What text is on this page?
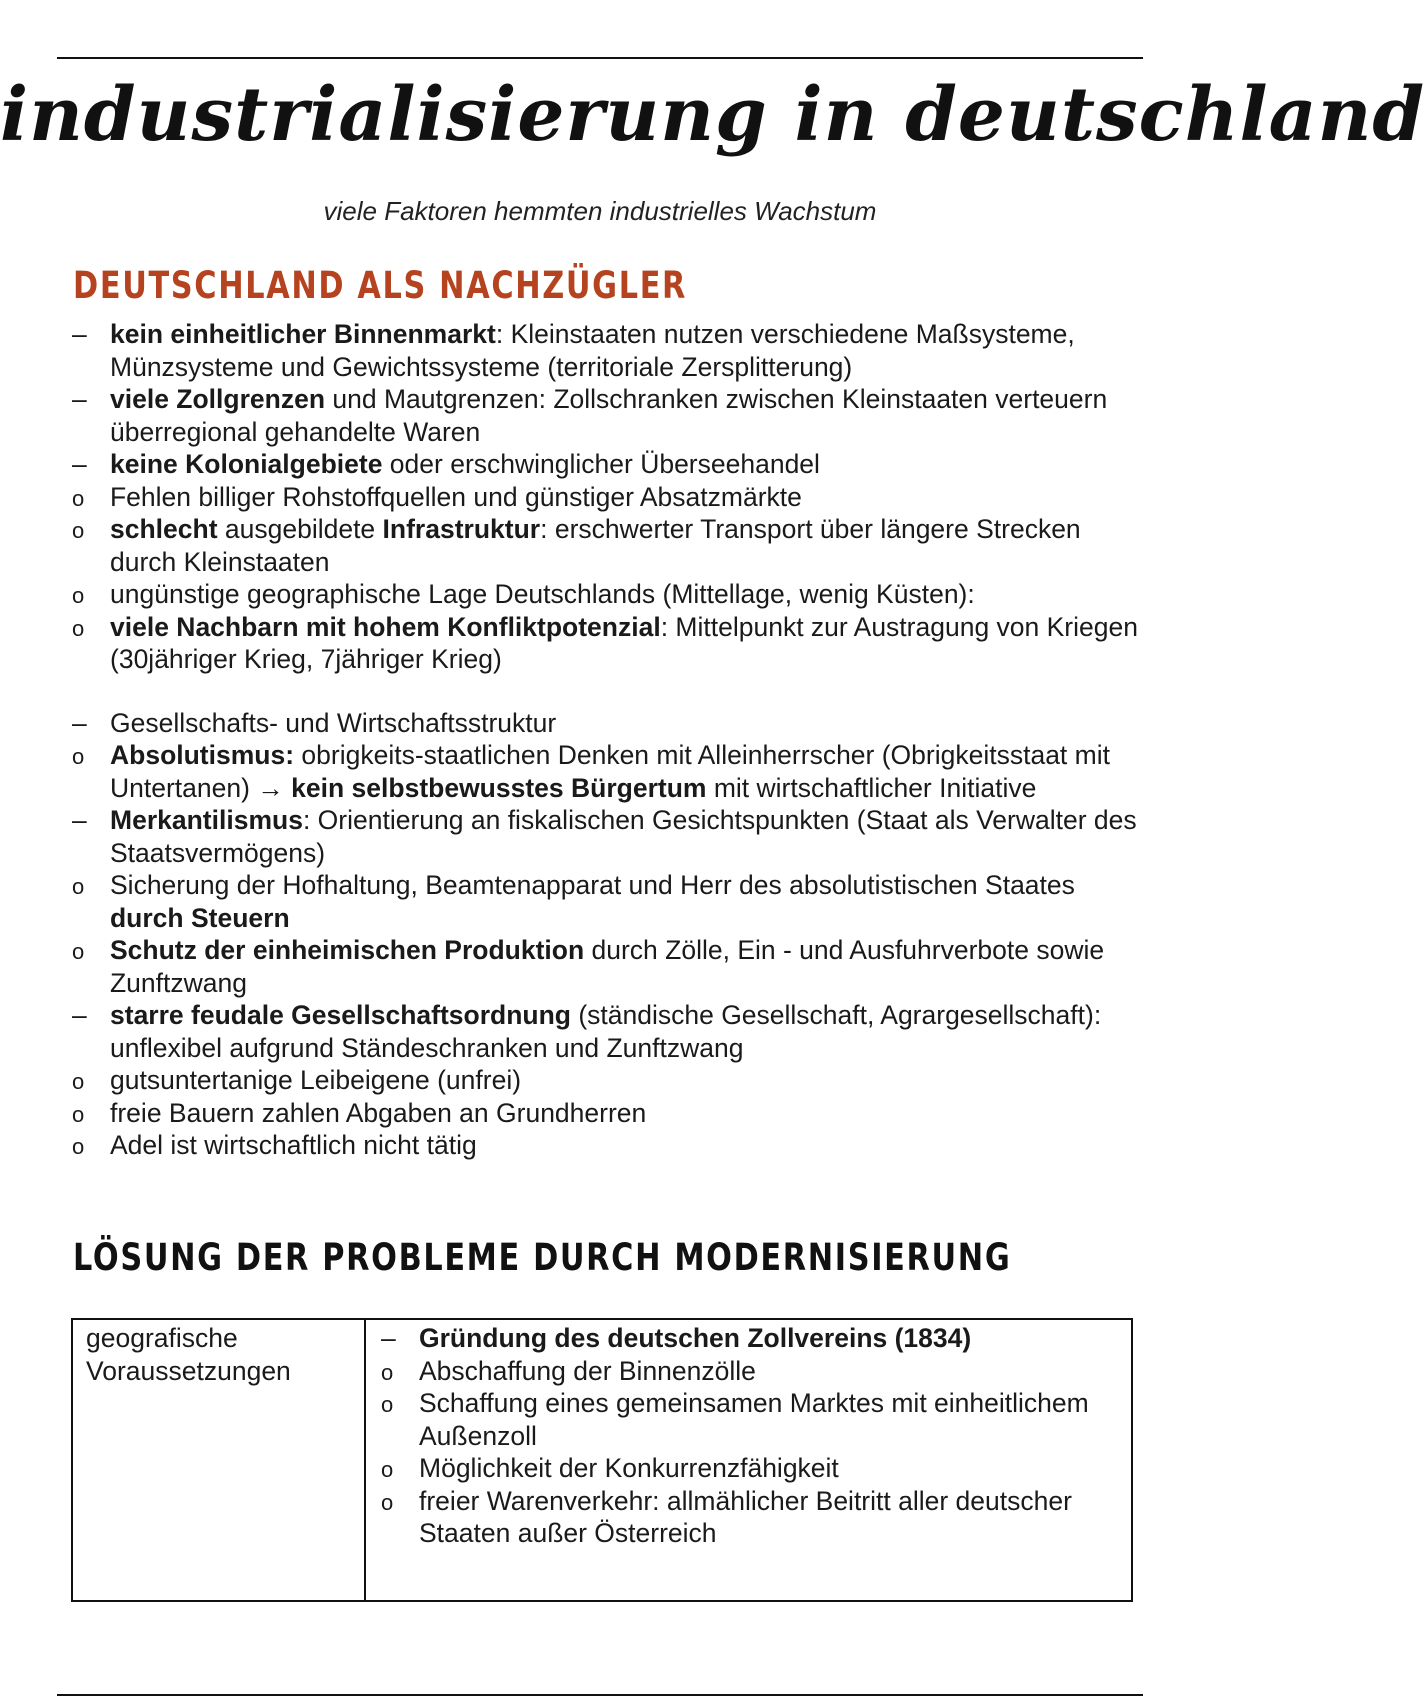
industrialisierung in deutschland
viele Faktoren hemmten industrielles Wachstum
DEUTSCHLAND ALS NACHZÜGLER
–
kein einheitlicher Binnenmarkt: Kleinstaaten nutzen verschiedene Maßsysteme, Münzsysteme und Gewichtssysteme (territoriale Zersplitterung)
–
viele Zollgrenzen und Mautgrenzen: Zollschranken zwischen Kleinstaaten verteuern überregional gehandelte Waren
–
keine Kolonialgebiete oder erschwinglicher Überseehandel
o
Fehlen billiger Rohstoffquellen und günstiger Absatzmärkte
o
schlecht ausgebildete Infrastruktur: erschwerter Transport über längere Strecken durch Kleinstaaten
o
ungünstige geographische Lage Deutschlands (Mittellage, wenig Küsten):
o
viele Nachbarn mit hohem Konfliktpotenzial: Mittelpunkt zur Austragung von Kriegen (30jähriger Krieg, 7jähriger Krieg)
–
Gesellschafts- und Wirtschaftsstruktur
o
Absolutismus: obrigkeits-staatlichen Denken mit Alleinherrscher (Obrigkeitsstaat mit Untertanen) → kein selbstbewusstes Bürgertum mit wirtschaftlicher Initiative
–
Merkantilismus: Orientierung an fiskalischen Gesichtspunkten (Staat als Verwalter des Staatsvermögens)
o
Sicherung der Hofhaltung, Beamtenapparat und Herr des absolutistischen Staates durch Steuern
o
Schutz der einheimischen Produktion durch Zölle, Ein - und Ausfuhrverbote sowie Zunftzwang
–
starre feudale Gesellschaftsordnung (ständische Gesellschaft, Agrargesellschaft): unflexibel aufgrund Ständeschranken und Zunftzwang
o
gutsuntertanige Leibeigene (unfrei)
o
freie Bauern zahlen Abgaben an Grundherren
o
Adel ist wirtschaftlich nicht tätig
LÖSUNG DER PROBLEME DURCH MODERNISIERUNG
geografische Voraussetzungen
–
Gründung des deutschen Zollvereins (1834)
o
Abschaffung der Binnenzölle
o
Schaffung eines gemeinsamen Marktes mit einheitlichem Außenzoll
o
Möglichkeit der Konkurrenzfähigkeit
o
freier Warenverkehr: allmählicher Beitritt aller deutscher Staaten außer Österreich
